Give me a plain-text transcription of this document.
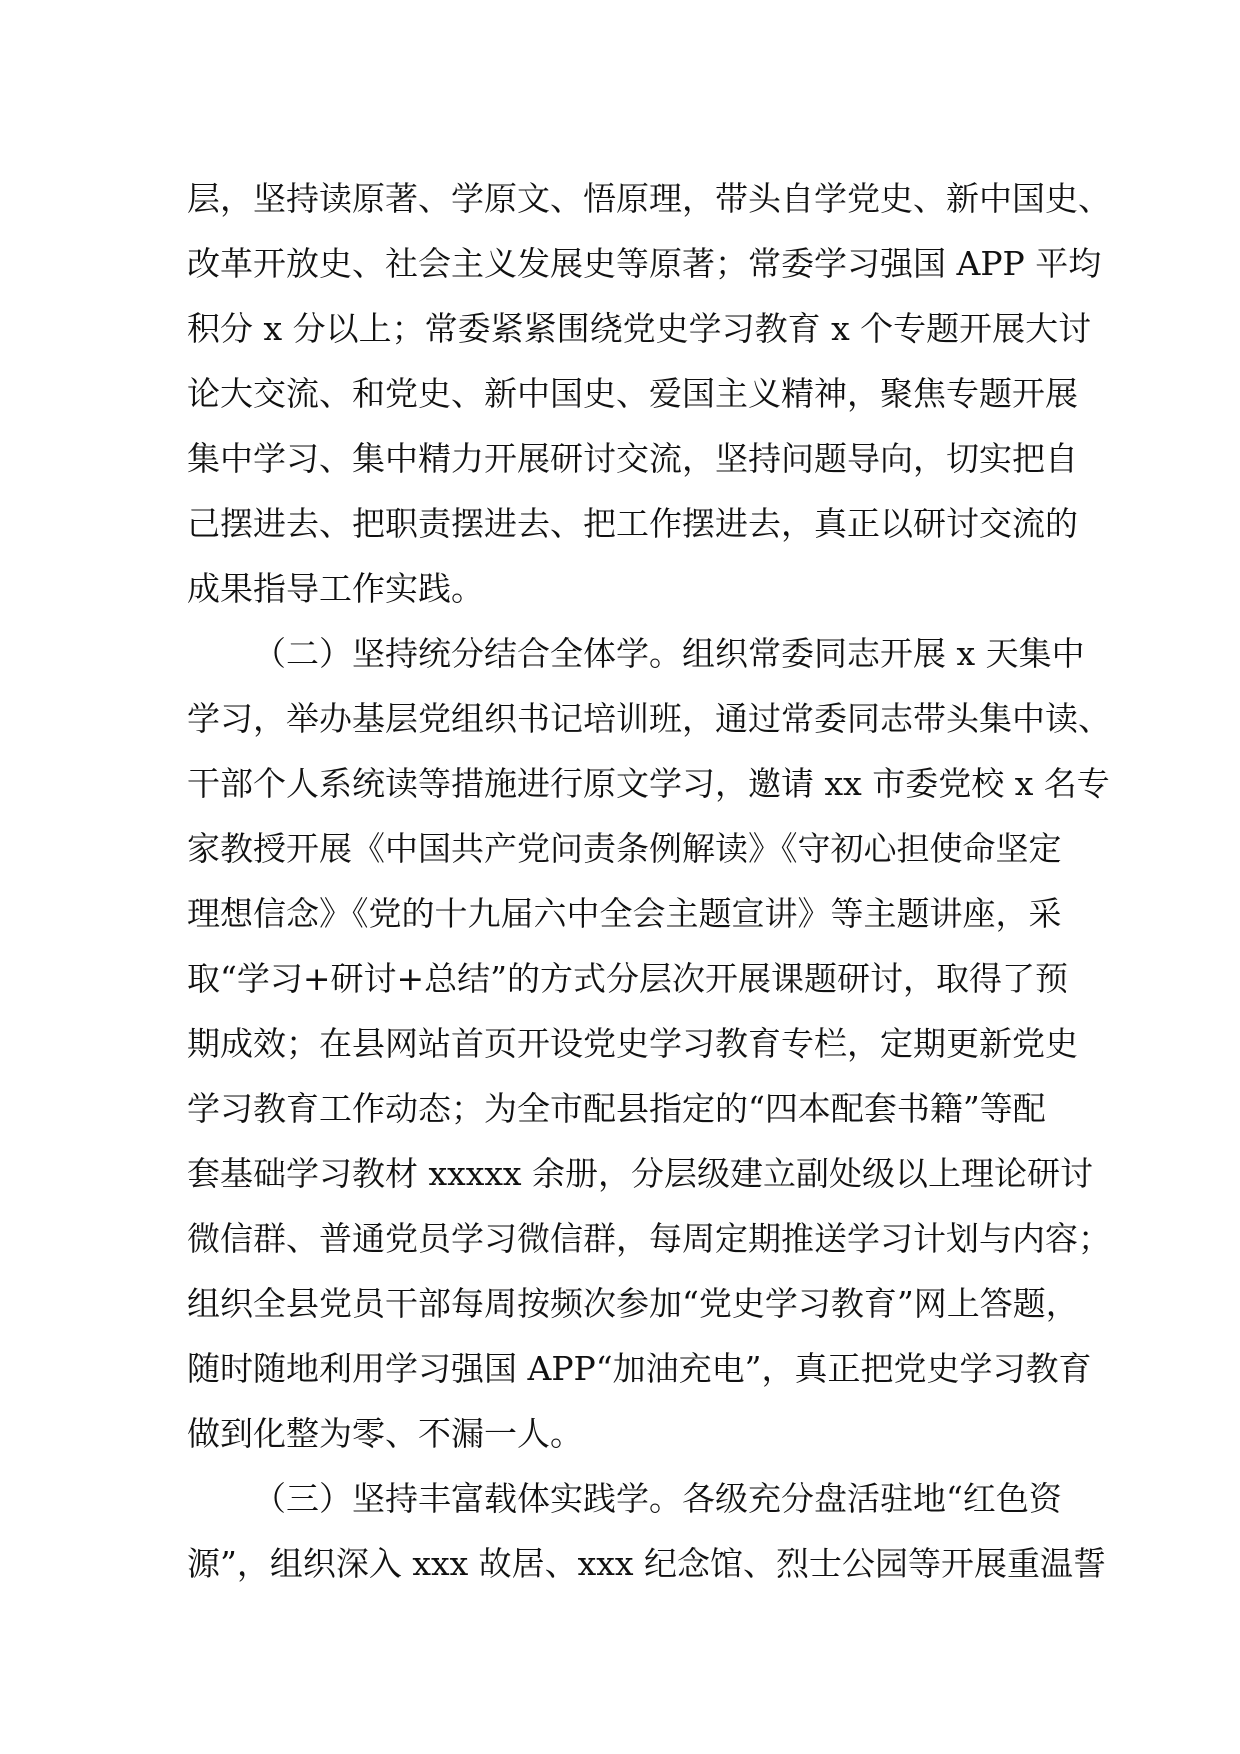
层，坚持读原著、学原文、悟原理，带头自学党史、新中国史、
改革开放史、社会主义发展史等原著；常委学习强国 APP 平均
积分 x 分以上；常委紧紧围绕党史学习教育 x 个专题开展大讨
论大交流、和党史、新中国史、爱国主义精神，聚焦专题开展
集中学习、集中精力开展研讨交流，坚持问题导向，切实把自
己摆进去、把职责摆进去、把工作摆进去，真正以研讨交流的
成果指导工作实践。
（二）坚持统分结合全体学。组织常委同志开展 x 天集中
学习，举办基层党组织书记培训班，通过常委同志带头集中读、
干部个人系统读等措施进行原文学习，邀请 xx 市委党校 x 名专
家教授开展《中国共产党问责条例解读》《守初心担使命坚定
理想信念》《党的十九届六中全会主题宣讲》等主题讲座，采
取“学习+研讨+总结”的方式分层次开展课题研讨，取得了预
期成效；在县网站首页开设党史学习教育专栏，定期更新党史
学习教育工作动态；为全市配县指定的“四本配套书籍”等配
套基础学习教材 xxxxx 余册，分层级建立副处级以上理论研讨
微信群、普通党员学习微信群，每周定期推送学习计划与内容；
组织全县党员干部每周按频次参加“党史学习教育”网上答题，
随时随地利用学习强国 APP“加油充电”，真正把党史学习教育
做到化整为零、不漏一人。
（三）坚持丰富载体实践学。各级充分盘活驻地“红色资
源”，组织深入 xxx 故居、xxx 纪念馆、烈士公园等开展重温誓
